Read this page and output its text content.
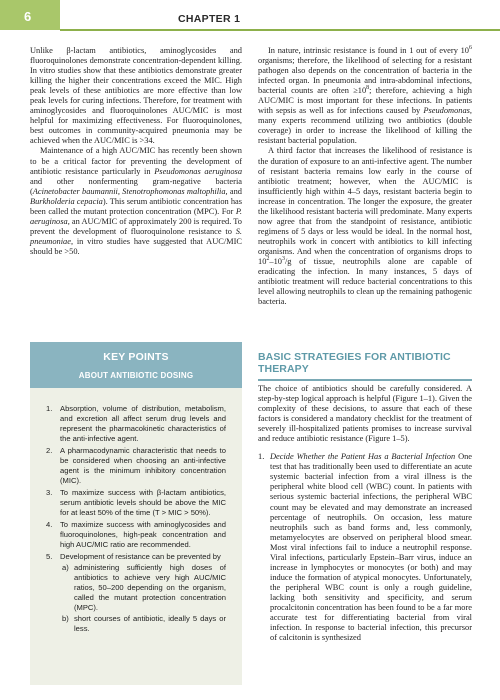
6	CHAPTER 1

Unlike β-lactam antibiotics, aminoglycosides and fluoroquinolones demonstrate concentration-dependent killing. In vitro studies show that these antibiotics demonstrate greater killing the higher their concentrations exceed the MIC. High peak levels of these antibiotics are more effective than low peak levels for curing infections. Therefore, for treatment with aminoglycosides and fluoroquinolones AUC/MIC is most helpful for maximizing effectiveness. For fluoroquinolones, best outcomes in community-acquired pneumonia may be achieved when the AUC/MIC is >34.

Maintenance of a high AUC/MIC has recently been shown to be a critical factor for preventing the development of antibiotic resistance particularly in Pseudomonas aeruginosa and other nonfermenting gram-negative bacteria (Acinetobacter baumannii, Stenotrophomonas maltophilia, and Burkholderia cepacia). This serum antibiotic concentration has been called the mutant protection concentration (MPC). For P. aeruginosa, an AUC/MIC of approximately 200 is required. To prevent the development of fluoroquinolone resistance to S. pneumoniae, in vitro studies have suggested that AUC/MIC should be >50.

KEY POINTS
ABOUT ANTIBIOTIC DOSING
1. Absorption, volume of distribution, metabolism, and excretion all affect serum drug levels and represent the pharmacokinetic characteristics of the anti-infective agent.
2. A pharmacodynamic characteristic that needs to be considered when choosing an anti-infective agent is the minimum inhibitory concentration (MIC).
3. To maximize success with β-lactam antibiotics, serum antibiotic levels should be above the MIC for at least 50% of the time (T > MIC > 50%).
4. To maximize success with aminoglycosides and fluoroquinolones, high-peak concentration and high AUC/MIC ratio are recommended.
5. Development of resistance can be prevented by
a) administering sufficiently high doses of antibiotics to achieve very high AUC/MIC ratios, 50–200 depending on the organism, called the mutant protection concentration (MPC).
b) short courses of antibiotic, ideally 5 days or less.

In nature, intrinsic resistance is found in 1 out of every $10^6$ organisms; therefore, the likelihood of selecting for a resistant pathogen also depends on the concentration of bacteria in the infected organ. In pneumonia and intra-abdominal infections, bacterial counts are often $\ge 10^8$; therefore, achieving a high AUC/MIC is most important for these infections. In patients with sepsis as well as for infections caused by Pseudomonas, many experts recommend utilizing two antibiotics (double coverage) in order to increase the likelihood of killing the resistant bacterial population.

A third factor that increases the likelihood of resistance is the duration of exposure to an anti-infective agent. The number of resistant bacteria remains low early in the course of antibiotic treatment; however, when the AUC/MIC is insufficiently high within 4–5 days, resistant bacteria begin to increase in concentration. The longer the exposure, the greater the likelihood resistant bacteria will predominate. Many experts now agree that from the standpoint of resistance, antibiotic regimens of 5 days or less would be ideal. In the normal host, neutrophils work in concert with antibiotics to kill infecting organisms. And when the concentration of organisms drops to $10^2-10^3/g$ of tissue, neutrophils alone are capable of eradicating the infection. In many instances, 5 days of antibiotic treatment will reduce bacterial concentrations to this level allowing neutrophils to clean up the remaining pathogenic bacteria.

BASIC STRATEGIES FOR ANTIBIOTIC THERAPY

The choice of antibiotics should be carefully considered. A step-by-step logical approach is helpful (Figure 1–1). Given the complexity of these decisions, to assure that each of these factors is considered a mandatory checklist for the treatment of severely ill-hospitalized patients promises to increase survival and reduce antibiotic resistance (Figure 1–5).

1. Decide Whether the Patient Has a Bacterial Infection One test that has traditionally been used to differentiate an acute systemic bacterial infection from a viral illness is the peripheral white blood cell (WBC) count. In patients with serious systemic bacterial infections, the peripheral WBC count may be elevated and may demonstrate an increased percentage of neutrophils. On occasion, less mature neutrophils such as band forms and, less commonly, metamyelocytes are observed on peripheral blood smear. Most viral infections fail to induce a neutrophil response. Viral infections, particularly Epstein–Barr virus, induce an increase in lymphocytes or monocytes (or both) and may induce the formation of atypical monocytes. Unfortunately, the peripheral WBC count is only a rough guideline, lacking both sensitivity and specificity, and serum procalcitonin concentration has been found to be a far more accurate test for differentiating bacterial from viral infection. In response to bacterial infection, this precursor of calcitonin is synthesized
